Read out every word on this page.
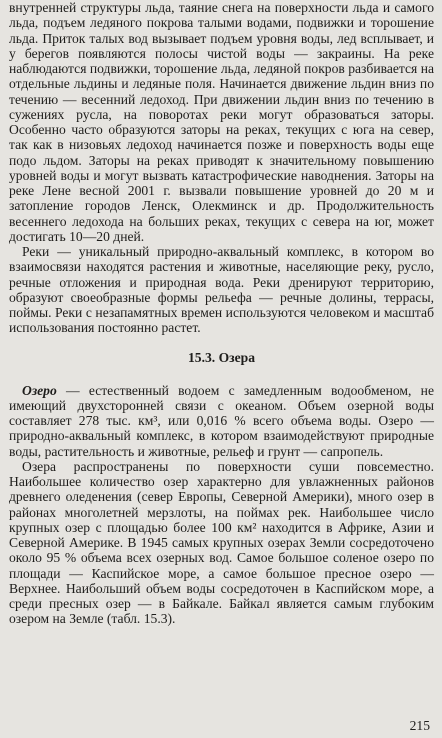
внутренней структуры льда, таяние снега на поверхности льда и самого льда, подъем ледяного покрова талыми водами, подвижки и торошение льда. Приток талых вод вызывает подъем уровня воды, лед всплывает, и у берегов появляются полосы чистой воды — закраины. На реке наблюдаются подвижки, торошение льда, ледяной покров разбивается на отдельные льдины и ледяные поля. Начинается движение льдин вниз по течению — весенний ледоход. При движении льдин вниз по течению в сужениях русла, на поворотах реки могут образоваться заторы. Особенно часто образуются заторы на реках, текущих с юга на север, так как в низовьях ледоход начинается позже и поверхность воды еще подо льдом. Заторы на реках приводят к значительному повышению уровней воды и могут вызвать катастрофические наводнения. Заторы на реке Лене весной 2001 г. вызвали повышение уровней до 20 м и затопление городов Ленск, Олекминск и др. Продолжительность весеннего ледохода на больших реках, текущих с севера на юг, может достигать 10—20 дней.

Реки — уникальный природно-аквальный комплекс, в котором во взаимосвязи находятся растения и животные, населяющие реку, русло, речные отложения и природная вода. Реки дренируют территорию, образуют своеобразные формы рельефа — речные долины, террасы, поймы. Реки с незапамятных времен используются человеком и масштаб использования постоянно растет.

15.3. Озера

Озеро — естественный водоем с замедленным водообменом, не имеющий двухсторонней связи с океаном. Объем озерной воды составляет 278 тыс. км³, или 0,016 % всего объема воды. Озеро — природно-аквальный комплекс, в котором взаимодействуют природные воды, растительность и животные, рельеф и грунт — сапропель.

Озера распространены по поверхности суши повсеместно. Наибольшее количество озер характерно для увлажненных районов древнего оледенения (север Европы, Северной Америки), много озер в районах многолетней мерзлоты, на поймах рек. Наибольшее число крупных озер с площадью более 100 км² находится в Африке, Азии и Северной Америке. В 1945 самых крупных озерах Земли сосредоточено около 95 % объема всех озерных вод. Самое большое соленое озеро по площади — Каспийское море, а самое большое пресное озеро — Верхнее. Наибольший объем воды сосредоточен в Каспийском море, а среди пресных озер — в Байкале. Байкал является самым глубоким озером на Земле (табл. 15.3).

215
